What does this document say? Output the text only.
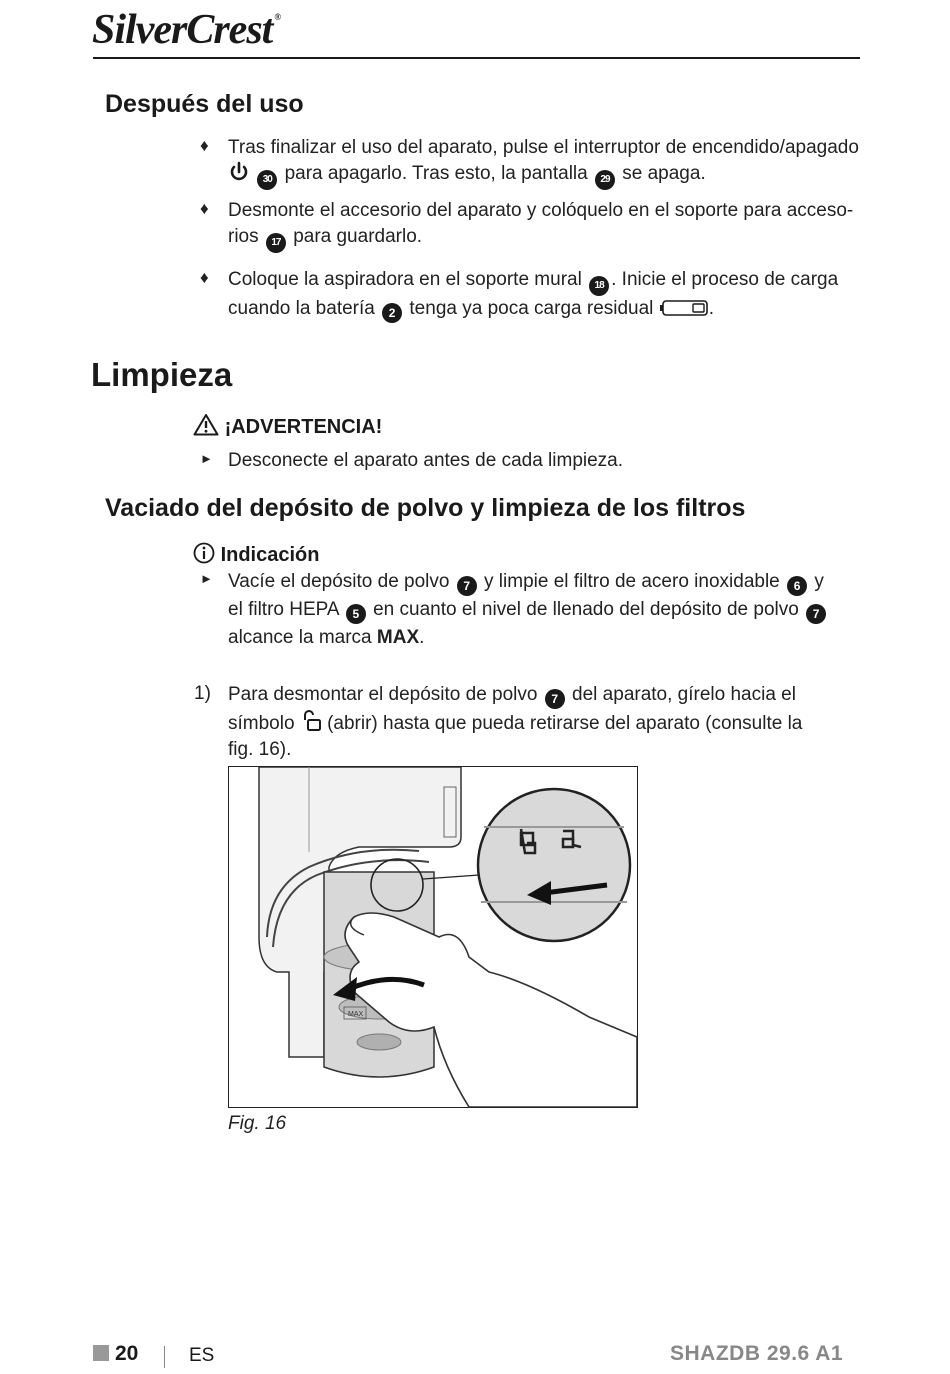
SilverCrest ®
Después del uso
♦ Tras finalizar el uso del aparato, pulse el interruptor de encendido/apagado
30 para apagarlo. Tras esto, la pantalla 29 se apaga.
♦ Desmonte el accesorio del aparato y colóquelo en el soporte para acceso-
rios 17 para guardarlo.
♦ Coloque la aspiradora en el soporte mural 18 . Inicie el proceso de carga
cuando la batería 2 tenga ya poca carga residual	.
Limpieza
¡ADVERTENCIA!
► Desconecte el aparato antes de cada limpieza.
Vaciado del depósito de polvo y limpieza de los filtros
Indicación
► Vacíe el depósito de polvo 7 y limpie el filtro de acero inoxidable 6 y
el filtro HEPA 5 en cuanto el nivel de llenado del depósito de polvo 7
alcance la marca MAX.
1) Para desmontar el depósito de polvo 7 del aparato, gírelo hacia el
símbolo (abrir) hasta que pueda retirarse del aparato (consulte la
fig. 16).
MAX
Fig. 16
20	ES	SHAZDB 29.6 A1
